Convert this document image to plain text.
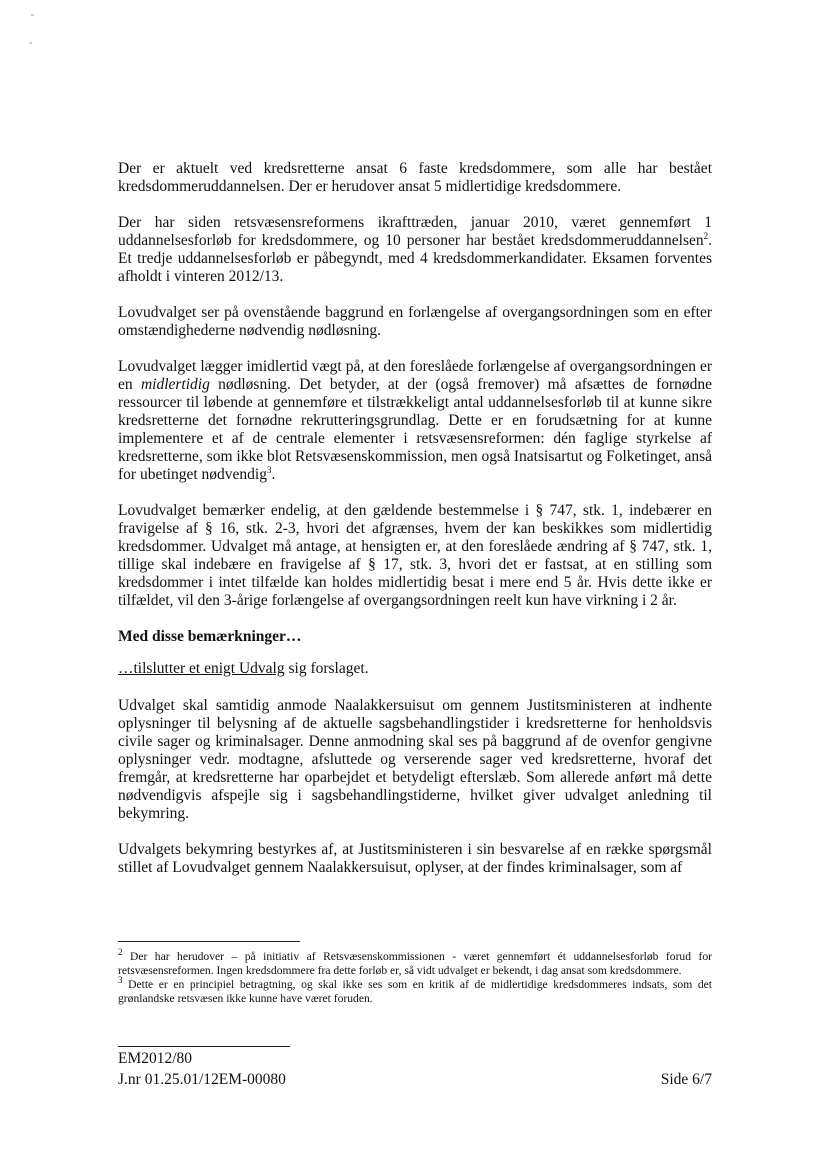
Der er aktuelt ved kredsretterne ansat 6 faste kredsdommere, som alle har bestået kredsdommeruddannelsen. Der er herudover ansat 5 midlertidige kredsdommere.

Der har siden retsvæsensreformens ikrafttræden, januar 2010, været gennemført 1 uddannelsesforløb for kredsdommere, og 10 personer har bestået kredsdommeruddannelsen$^2$. Et tredje uddannelsesforløb er påbegyndt, med 4 kredsdommerkandidater. Eksamen forventes afholdt i vinteren 2012/13.

Lovudvalget ser på ovenstående baggrund en forlængelse af overgangsordningen som en efter omstændighederne nødvendig nødløsning.

Lovudvalget lægger imidlertid vægt på, at den foreslåede forlængelse af overgangsordningen er en midlertidig nødløsning. Det betyder, at der (også fremover) må afsættes de fornødne ressourcer til løbende at gennemføre et tilstrækkeligt antal uddannelsesforløb til at kunne sikre kredsretterne det fornødne rekrutteringsgrundlag. Dette er en forudsætning for at kunne implementere et af de centrale elementer i retsvæsensreformen: dén faglige styrkelse af kredsretterne, som ikke blot Retsvæsenskommission, men også Inatsisartut og Folketinget, anså for ubetinget nødvendig$^3$.

Lovudvalget bemærker endelig, at den gældende bestemmelse i § 747, stk. 1, indebærer en fravigelse af § 16, stk. 2-3, hvori det afgrænses, hvem der kan beskikkes som midlertidig kredsdommer. Udvalget må antage, at hensigten er, at den foreslåede ændring af § 747, stk. 1, tillige skal indebære en fravigelse af § 17, stk. 3, hvori det er fastsat, at en stilling som kredsdommer i intet tilfælde kan holdes midlertidig besat i mere end 5 år. Hvis dette ikke er tilfældet, vil den 3-årige forlængelse af overgangsordningen reelt kun have virkning i 2 år.

Med disse bemærkninger…

…tilslutter et enigt Udvalg sig forslaget.

Udvalget skal samtidig anmode Naalakkersuisut om gennem Justitsministeren at indhente oplysninger til belysning af de aktuelle sagsbehandlingstider i kredsretterne for henholdsvis civile sager og kriminalsager. Denne anmodning skal ses på baggrund af de ovenfor gengivne oplysninger vedr. modtagne, afsluttede og verserende sager ved kredsretterne, hvoraf det fremgår, at kredsretterne har oparbejdet et betydeligt efterslæb. Som allerede anført må dette nødvendigvis afspejle sig i sagsbehandlingstiderne, hvilket giver udvalget anledning til bekymring.

Udvalgets bekymring bestyrkes af, at Justitsministeren i sin besvarelse af en række spørgsmål stillet af Lovudvalget gennem Naalakkersuisut, oplyser, at der findes kriminalsager, som af

$^2$ Der har herudover – på initiativ af Retsvæsenskommissionen - været gennemført ét uddannelsesforløb forud for retsvæsensreformen. Ingen kredsdommere fra dette forløb er, så vidt udvalget er bekendt, i dag ansat som kredsdommere.
$^3$ Dette er en principiel betragtning, og skal ikke ses som en kritik af de midlertidige kredsdommeres indsats, som det grønlandske retsvæsen ikke kunne have været foruden.
EM2012/80
J.nr 01.25.01/12EM-00080	Side 6/7
